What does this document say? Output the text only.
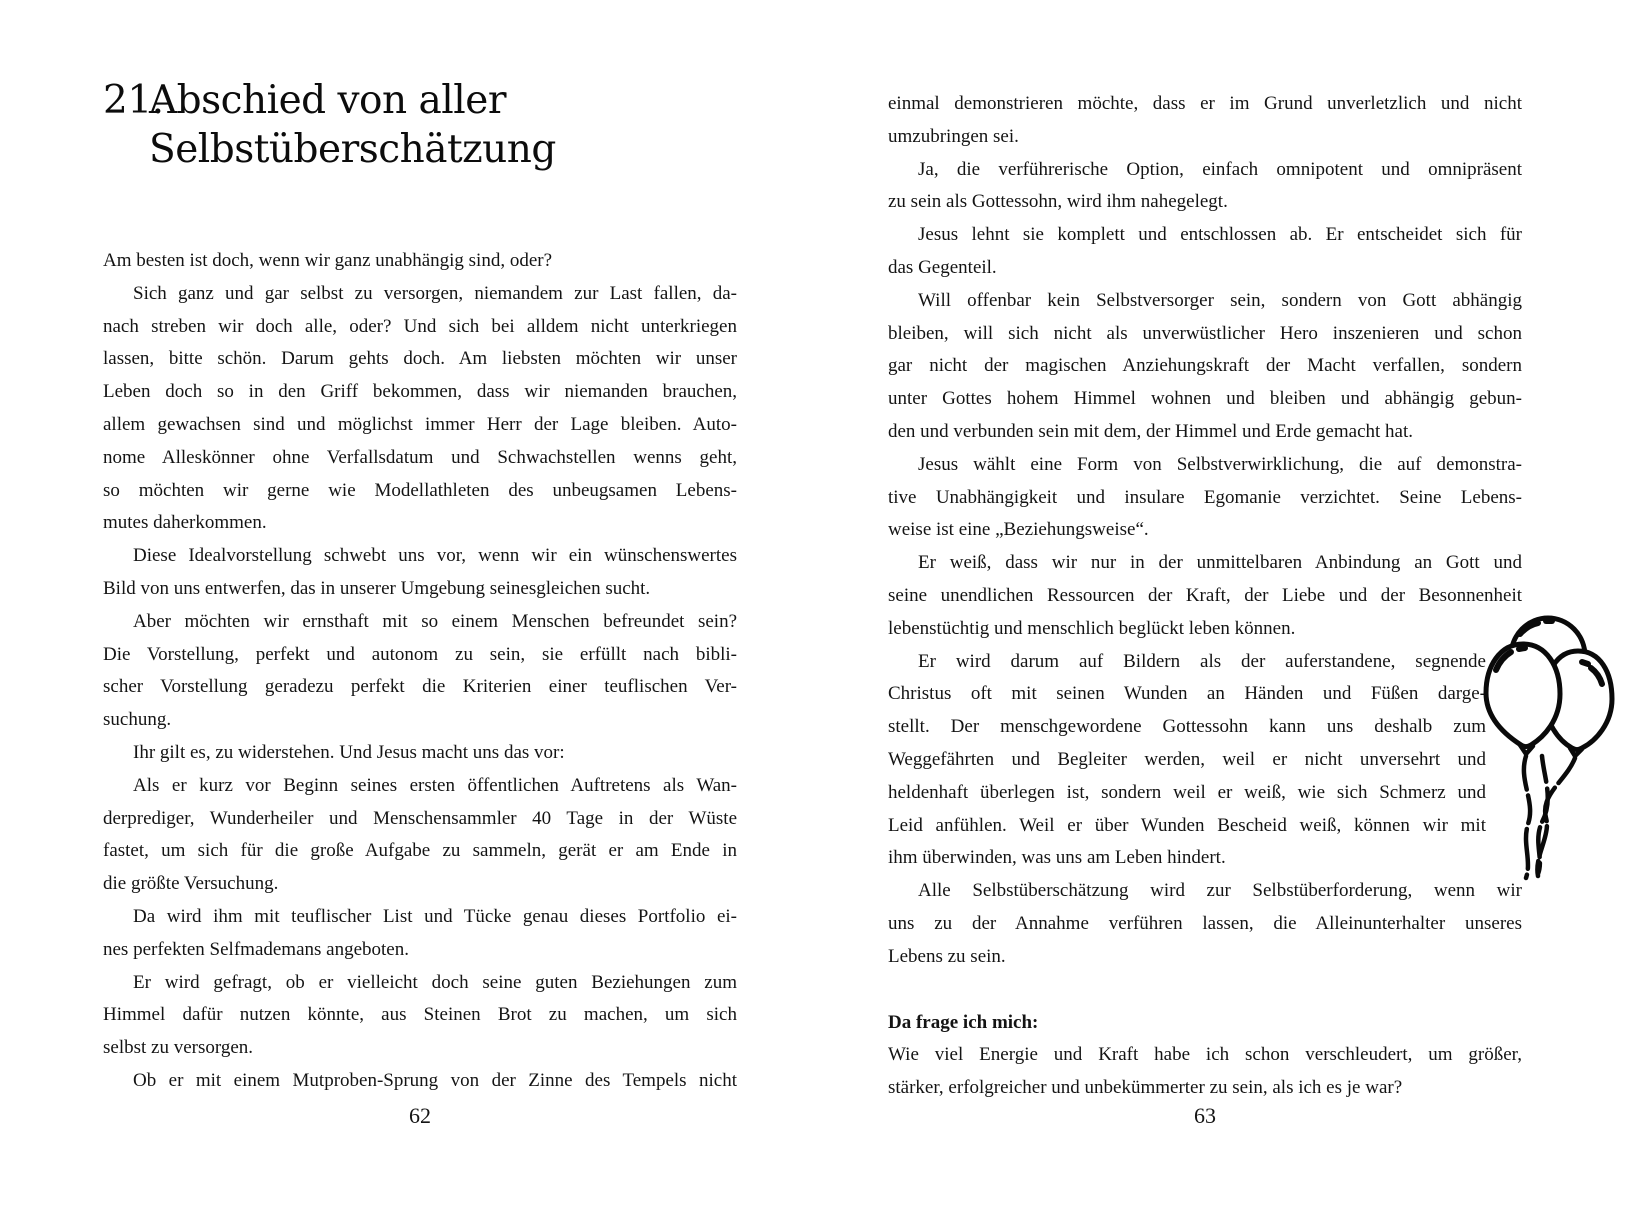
21.
Abschied von aller
Selbstüberschätzung
Am besten ist doch, wenn wir ganz unabhängig sind, oder?
Sich ganz und gar selbst zu versorgen, niemandem zur Last fallen, da-
nach streben wir doch alle, oder? Und sich bei alldem nicht unterkriegen
lassen, bitte schön. Darum gehts doch. Am liebsten möchten wir unser
Leben doch so in den Griff bekommen, dass wir niemanden brauchen,
allem gewachsen sind und möglichst immer Herr der Lage bleiben. Auto-
nome Alleskönner ohne Verfallsdatum und Schwachstellen wenns geht,
so möchten wir gerne wie Modellathleten des unbeugsamen Lebens-
mutes daherkommen.
Diese Idealvorstellung schwebt uns vor, wenn wir ein wünschenswertes
Bild von uns entwerfen, das in unserer Umgebung seinesgleichen sucht.
Aber möchten wir ernsthaft mit so einem Menschen befreundet sein?
Die Vorstellung, perfekt und autonom zu sein, sie erfüllt nach bibli-
scher Vorstellung geradezu perfekt die Kriterien einer teuflischen Ver-
suchung.
Ihr gilt es, zu widerstehen. Und Jesus macht uns das vor:
Als er kurz vor Beginn seines ersten öffentlichen Auftretens als Wan-
derprediger, Wunderheiler und Menschensammler 40 Tage in der Wüste
fastet, um sich für die große Aufgabe zu sammeln, gerät er am Ende in
die größte Versuchung.
Da wird ihm mit teuflischer List und Tücke genau dieses Portfolio ei-
nes perfekten Selfmademans angeboten.
Er wird gefragt, ob er vielleicht doch seine guten Beziehungen zum
Himmel dafür nutzen könnte, aus Steinen Brot zu machen, um sich
selbst zu versorgen.
Ob er mit einem Mutproben-Sprung von der Zinne des Tempels nicht
einmal demonstrieren möchte, dass er im Grund unverletzlich und nicht
umzubringen sei.
Ja, die verführerische Option, einfach omnipotent und omnipräsent
zu sein als Gottessohn, wird ihm nahegelegt.
Jesus lehnt sie komplett und entschlossen ab. Er entscheidet sich für
das Gegenteil.
Will offenbar kein Selbstversorger sein, sondern von Gott abhängig
bleiben, will sich nicht als unverwüstlicher Hero inszenieren und schon
gar nicht der magischen Anziehungskraft der Macht verfallen, sondern
unter Gottes hohem Himmel wohnen und bleiben und abhängig gebun-
den und verbunden sein mit dem, der Himmel und Erde gemacht hat.
Jesus wählt eine Form von Selbstverwirklichung, die auf demonstra-
tive Unabhängigkeit und insulare Egomanie verzichtet. Seine Lebens-
weise ist eine „Beziehungsweise“.
Er weiß, dass wir nur in der unmittelbaren Anbindung an Gott und
seine unendlichen Ressourcen der Kraft, der Liebe und der Besonnenheit
lebenstüchtig und menschlich beglückt leben können.
Er wird darum auf Bildern als der auferstandene, segnende
Christus oft mit seinen Wunden an Händen und Füßen darge-
stellt. Der menschgewordene Gottessohn kann uns deshalb zum
Weggefährten und Begleiter werden, weil er nicht unversehrt und
heldenhaft überlegen ist, sondern weil er weiß, wie sich Schmerz und
Leid anfühlen. Weil er über Wunden Bescheid weiß, können wir mit
ihm überwinden, was uns am Leben hindert.
Alle Selbstüberschätzung wird zur Selbstüberforderung, wenn wir
uns zu der Annahme verführen lassen, die Alleinunterhalter unseres
Lebens zu sein.
Da frage ich mich:
Wie viel Energie und Kraft habe ich schon verschleudert, um größer,
stärker, erfolgreicher und unbekümmerter zu sein, als ich es je war?
62	63
